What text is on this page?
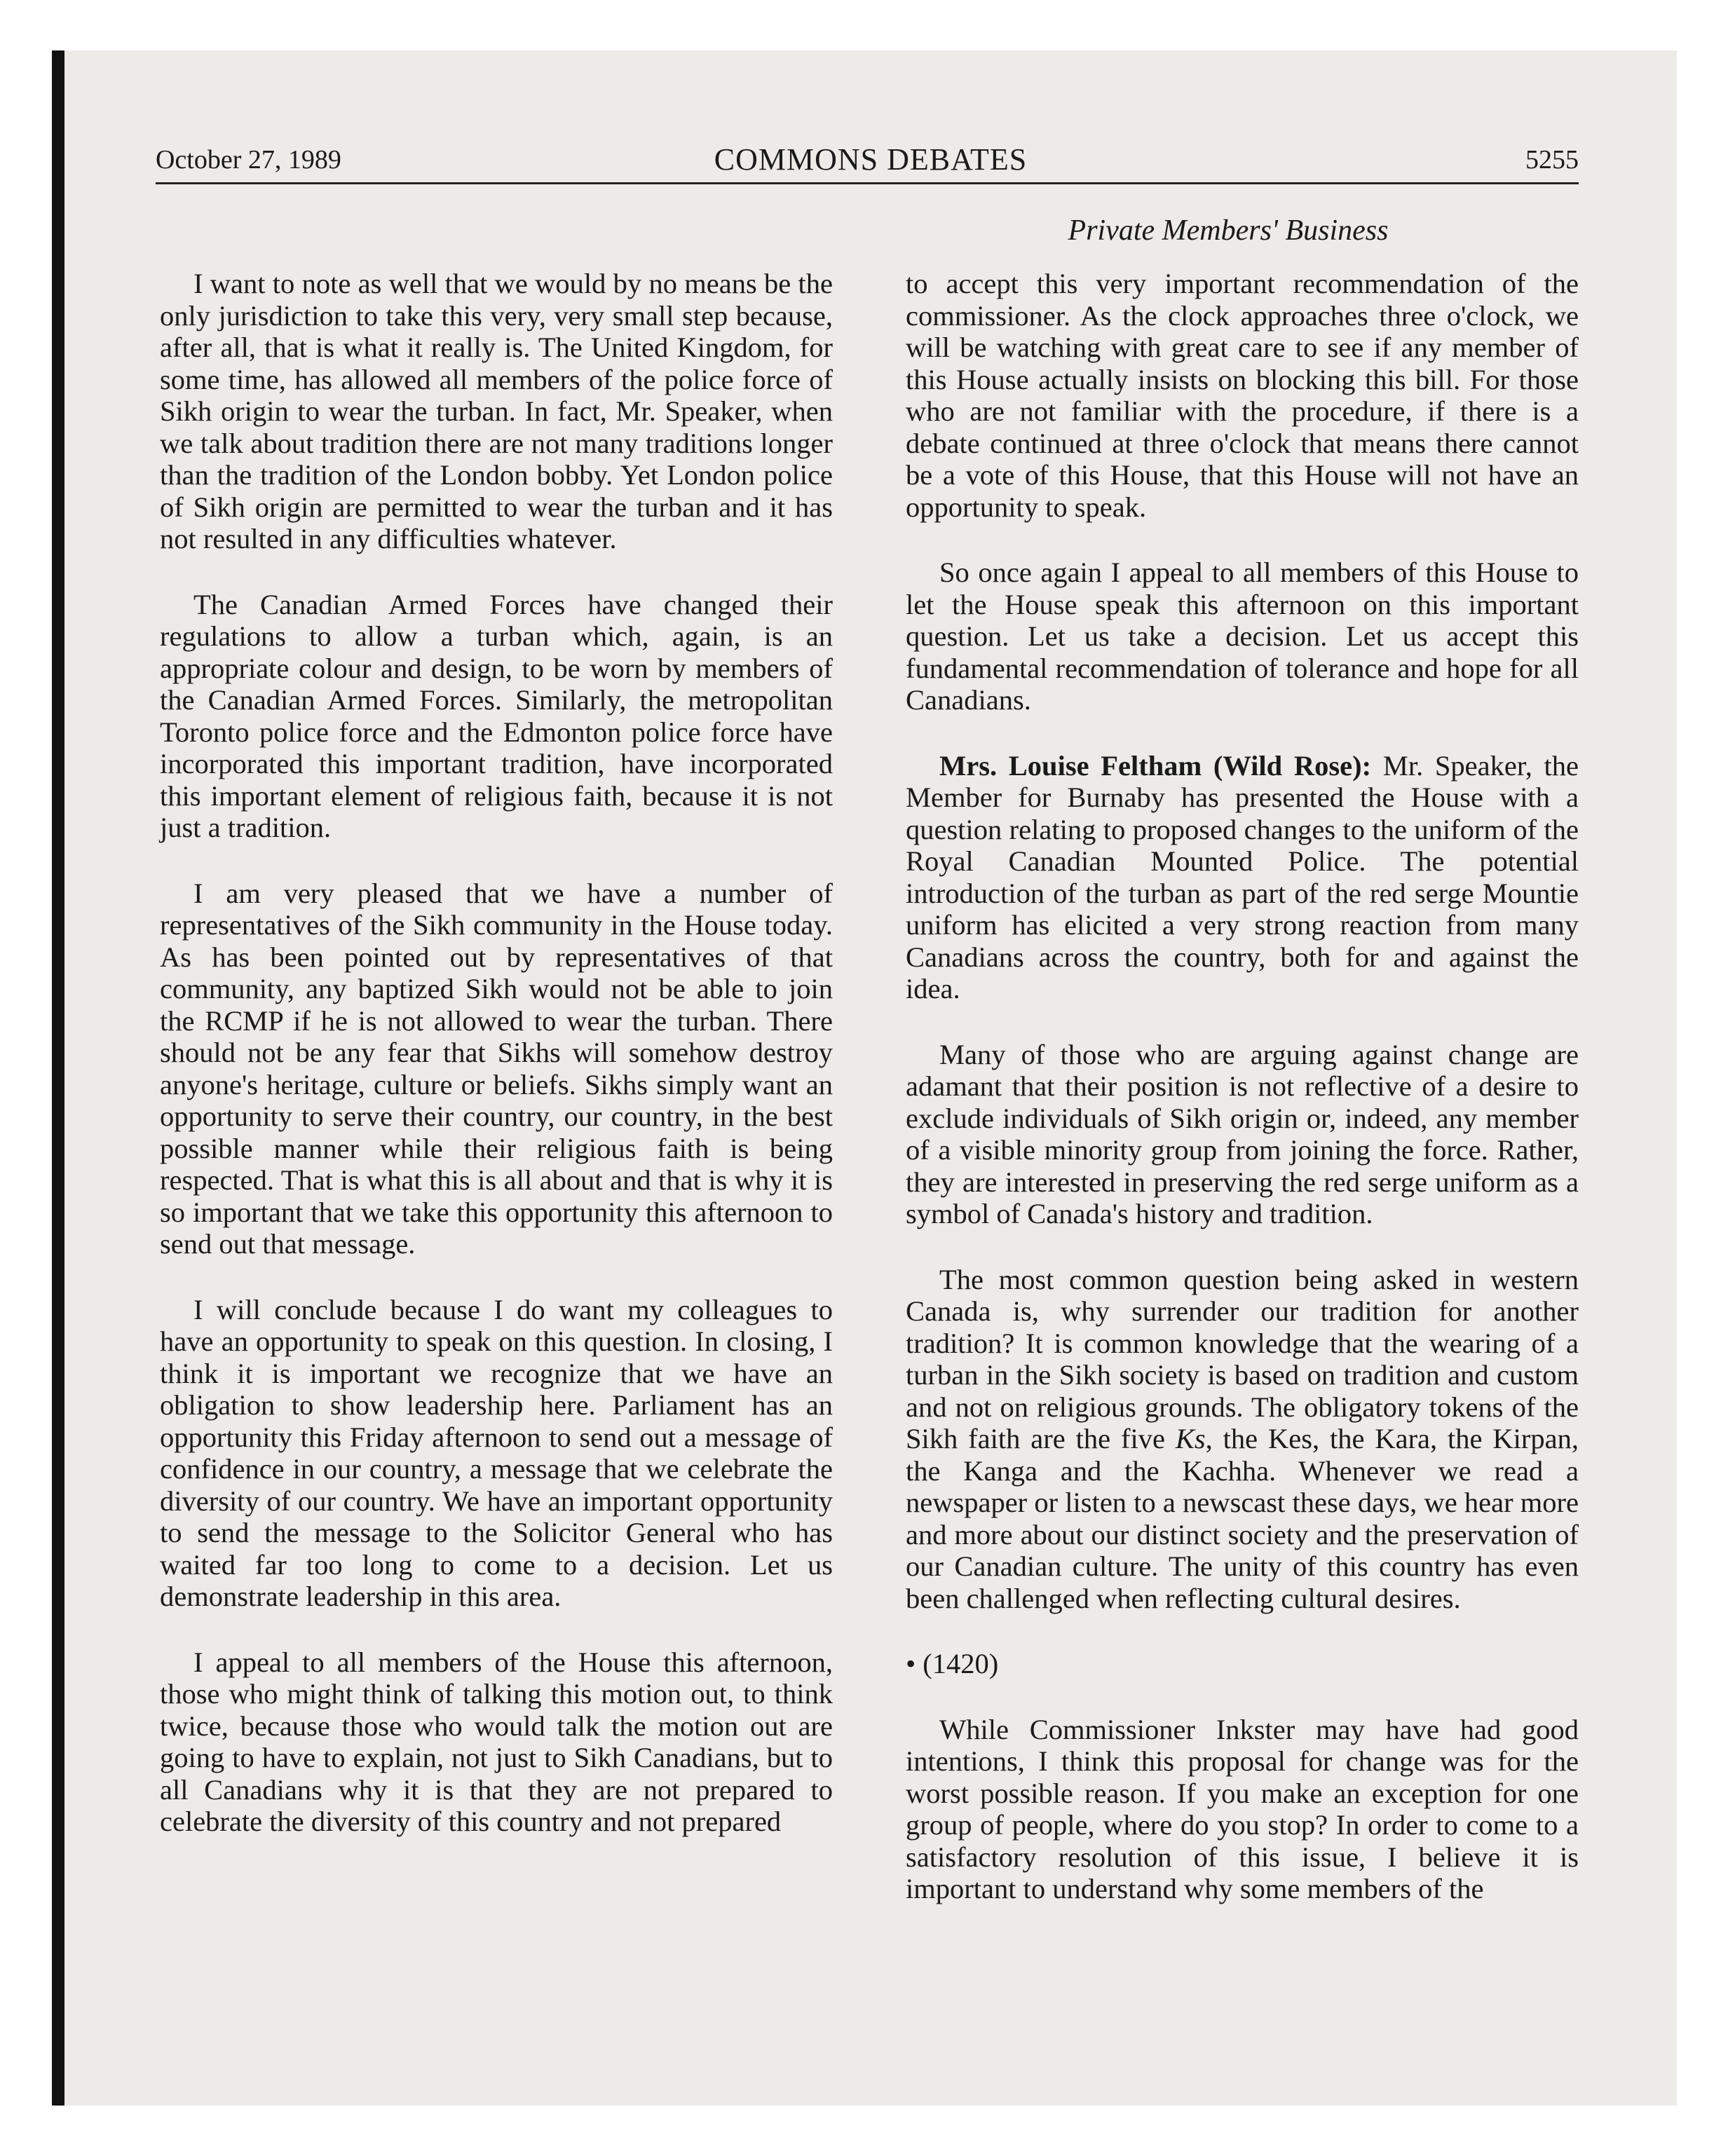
October 27, 1989	COMMONS DEBATES	5255
Private Members' Business

I want to note as well that we would by no means be the only jurisdiction to take this very, very small step because, after all, that is what it really is. The United Kingdom, for some time, has allowed all members of the police force of Sikh origin to wear the turban. In fact, Mr. Speaker, when we talk about tradition there are not many traditions longer than the tradition of the London bobby. Yet London police of Sikh origin are permitted to wear the turban and it has not resulted in any difficulties whatever.

The Canadian Armed Forces have changed their regulations to allow a turban which, again, is an appropriate colour and design, to be worn by members of the Canadian Armed Forces. Similarly, the metropolitan Toronto police force and the Edmonton police force have incorporated this important tradition, have incorporated this important element of religious faith, because it is not just a tradition.

I am very pleased that we have a number of representatives of the Sikh community in the House today. As has been pointed out by representatives of that community, any baptized Sikh would not be able to join the RCMP if he is not allowed to wear the turban. There should not be any fear that Sikhs will somehow destroy anyone's heritage, culture or beliefs. Sikhs simply want an opportunity to serve their country, our country, in the best possible manner while their religious faith is being respected. That is what this is all about and that is why it is so important that we take this opportunity this afternoon to send out that message.

I will conclude because I do want my colleagues to have an opportunity to speak on this question. In closing, I think it is important we recognize that we have an obligation to show leadership here. Parliament has an opportunity this Friday afternoon to send out a message of confidence in our country, a message that we celebrate the diversity of our country. We have an important opportunity to send the message to the Solicitor General who has waited far too long to come to a decision. Let us demonstrate leadership in this area.

I appeal to all members of the House this afternoon, those who might think of talking this motion out, to think twice, because those who would talk the motion out are going to have to explain, not just to Sikh Canadians, but to all Canadians why it is that they are not prepared to celebrate the diversity of this country and not prepared

to accept this very important recommendation of the commissioner. As the clock approaches three o'clock, we will be watching with great care to see if any member of this House actually insists on blocking this bill. For those who are not familiar with the procedure, if there is a debate continued at three o'clock that means there cannot be a vote of this House, that this House will not have an opportunity to speak.

So once again I appeal to all members of this House to let the House speak this afternoon on this important question. Let us take a decision. Let us accept this fundamental recommendation of tolerance and hope for all Canadians.

Mrs. Louise Feltham (Wild Rose): Mr. Speaker, the Member for Burnaby has presented the House with a question relating to proposed changes to the uniform of the Royal Canadian Mounted Police. The potential introduction of the turban as part of the red serge Mountie uniform has elicited a very strong reaction from many Canadians across the country, both for and against the idea.

Many of those who are arguing against change are adamant that their position is not reflective of a desire to exclude individuals of Sikh origin or, indeed, any member of a visible minority group from joining the force. Rather, they are interested in preserving the red serge uniform as a symbol of Canada's history and tradition.

The most common question being asked in western Canada is, why surrender our tradition for another tradition? It is common knowledge that the wearing of a turban in the Sikh society is based on tradition and custom and not on religious grounds. The obligatory tokens of the Sikh faith are the five Ks, the Kes, the Kara, the Kirpan, the Kanga and the Kachha. Whenever we read a newspaper or listen to a newscast these days, we hear more and more about our distinct society and the preservation of our Canadian culture. The unity of this country has even been challenged when reflecting cultural desires.

• (1420)

While Commissioner Inkster may have had good intentions, I think this proposal for change was for the worst possible reason. If you make an exception for one group of people, where do you stop? In order to come to a satisfactory resolution of this issue, I believe it is important to understand why some members of the
